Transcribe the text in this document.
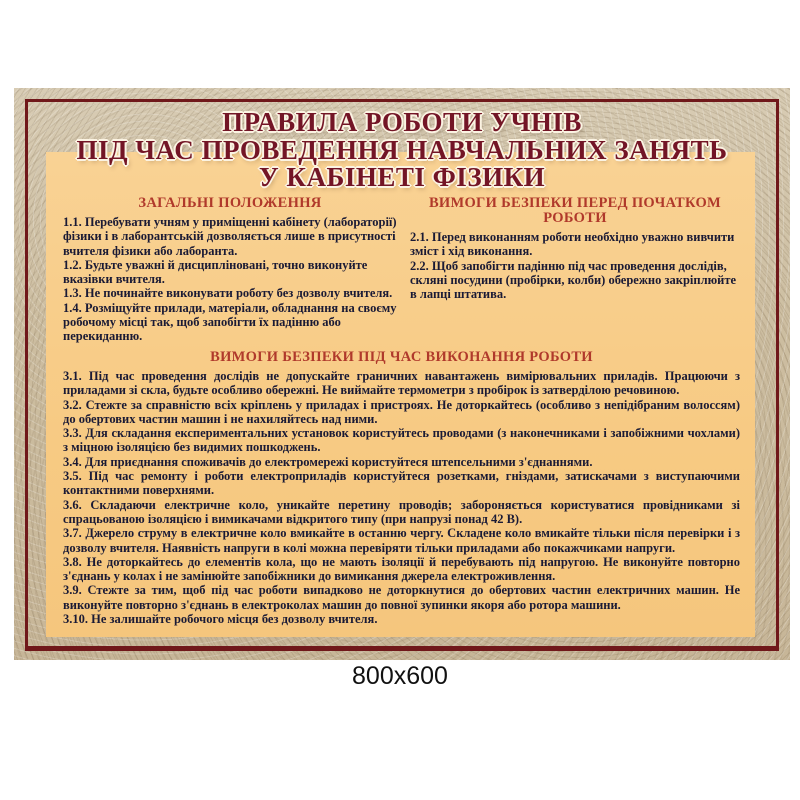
ПРАВИЛА РОБОТИ УЧНІВ
ПІД ЧАС ПРОВЕДЕННЯ НАВЧАЛЬНИХ ЗАНЯТЬ
У КАБІНЕТІ ФІЗИКИ
ЗАГАЛЬНІ ПОЛОЖЕННЯ

1.1. Перебувати учням у приміщенні кабінету (лабораторії) фізики і в лаборантській дозволяється лише в присутності вчителя фізики або лаборанта.

1.2. Будьте уважні й дисципліновані, точно виконуйте вказівки вчителя.

1.3. Не починайте виконувати роботу без дозволу вчителя.

1.4. Розміщуйте прилади, матеріали, обладнання на своєму робочому місці так, щоб запобігти їх падінню або перекиданню.

ВИМОГИ БЕЗПЕКИ ПЕРЕД ПОЧАТКОМ РОБОТИ

2.1. Перед виконанням роботи необхідно уважно вивчити зміст і хід виконання.

2.2. Щоб запобігти падінню під час проведення дослідів, скляні посудини (пробірки, колби) обережно закріплюйте в лапці штатива.

ВИМОГИ БЕЗПЕКИ ПІД ЧАС ВИКОНАННЯ РОБОТИ

3.1. Під час проведення дослідів не допускайте граничних навантажень вимірювальних приладів. Працюючи з приладами зі скла, будьте особливо обережні. Не виймайте термометри з пробірок із затверділою речовиною.

3.2. Стежте за справністю всіх кріплень у приладах і пристроях. Не доторкайтесь (особливо з непідібраним волоссям) до обертових частин машин і не нахиляйтесь над ними.

3.3. Для складання експериментальних установок користуйтесь проводами (з наконечниками і запобіжними чохлами) з міцною ізоляцією без видимих пошкоджень.

3.4. Для приєднання споживачів до електромережі користуйтеся штепсельними з'єднаннями.

3.5. Під час ремонту і роботи електроприладів користуйтеся розетками, гніздами, затискачами з виступаючими контактними поверхнями.

3.6. Складаючи електричне коло, уникайте перетину проводів; забороняється користуватися провідниками зі спрацьованою ізоляцією і вимикачами відкритого типу (при напрузі понад 42 В).

3.7. Джерело струму в електричне коло вмикайте в останню чергу. Складене коло вмикайте тільки після перевірки і з дозволу вчителя. Наявність напруги в колі можна перевіряти тільки приладами або покажчиками напруги.

3.8. Не доторкайтесь до елементів кола, що не мають ізоляції й перебувають під напругою. Не виконуйте повторно з'єднань у колах і не замінюйте запобіжники до вимикання джерела електроживлення.

3.9. Стежте за тим, щоб під час роботи випадково не доторкнутися до обертових частин електричних машин. Не виконуйте повторно з'єднань в електроколах машин до повної зупинки якоря або ротора машини.

3.10. Не залишайте робочого місця без дозволу вчителя.

800x600
